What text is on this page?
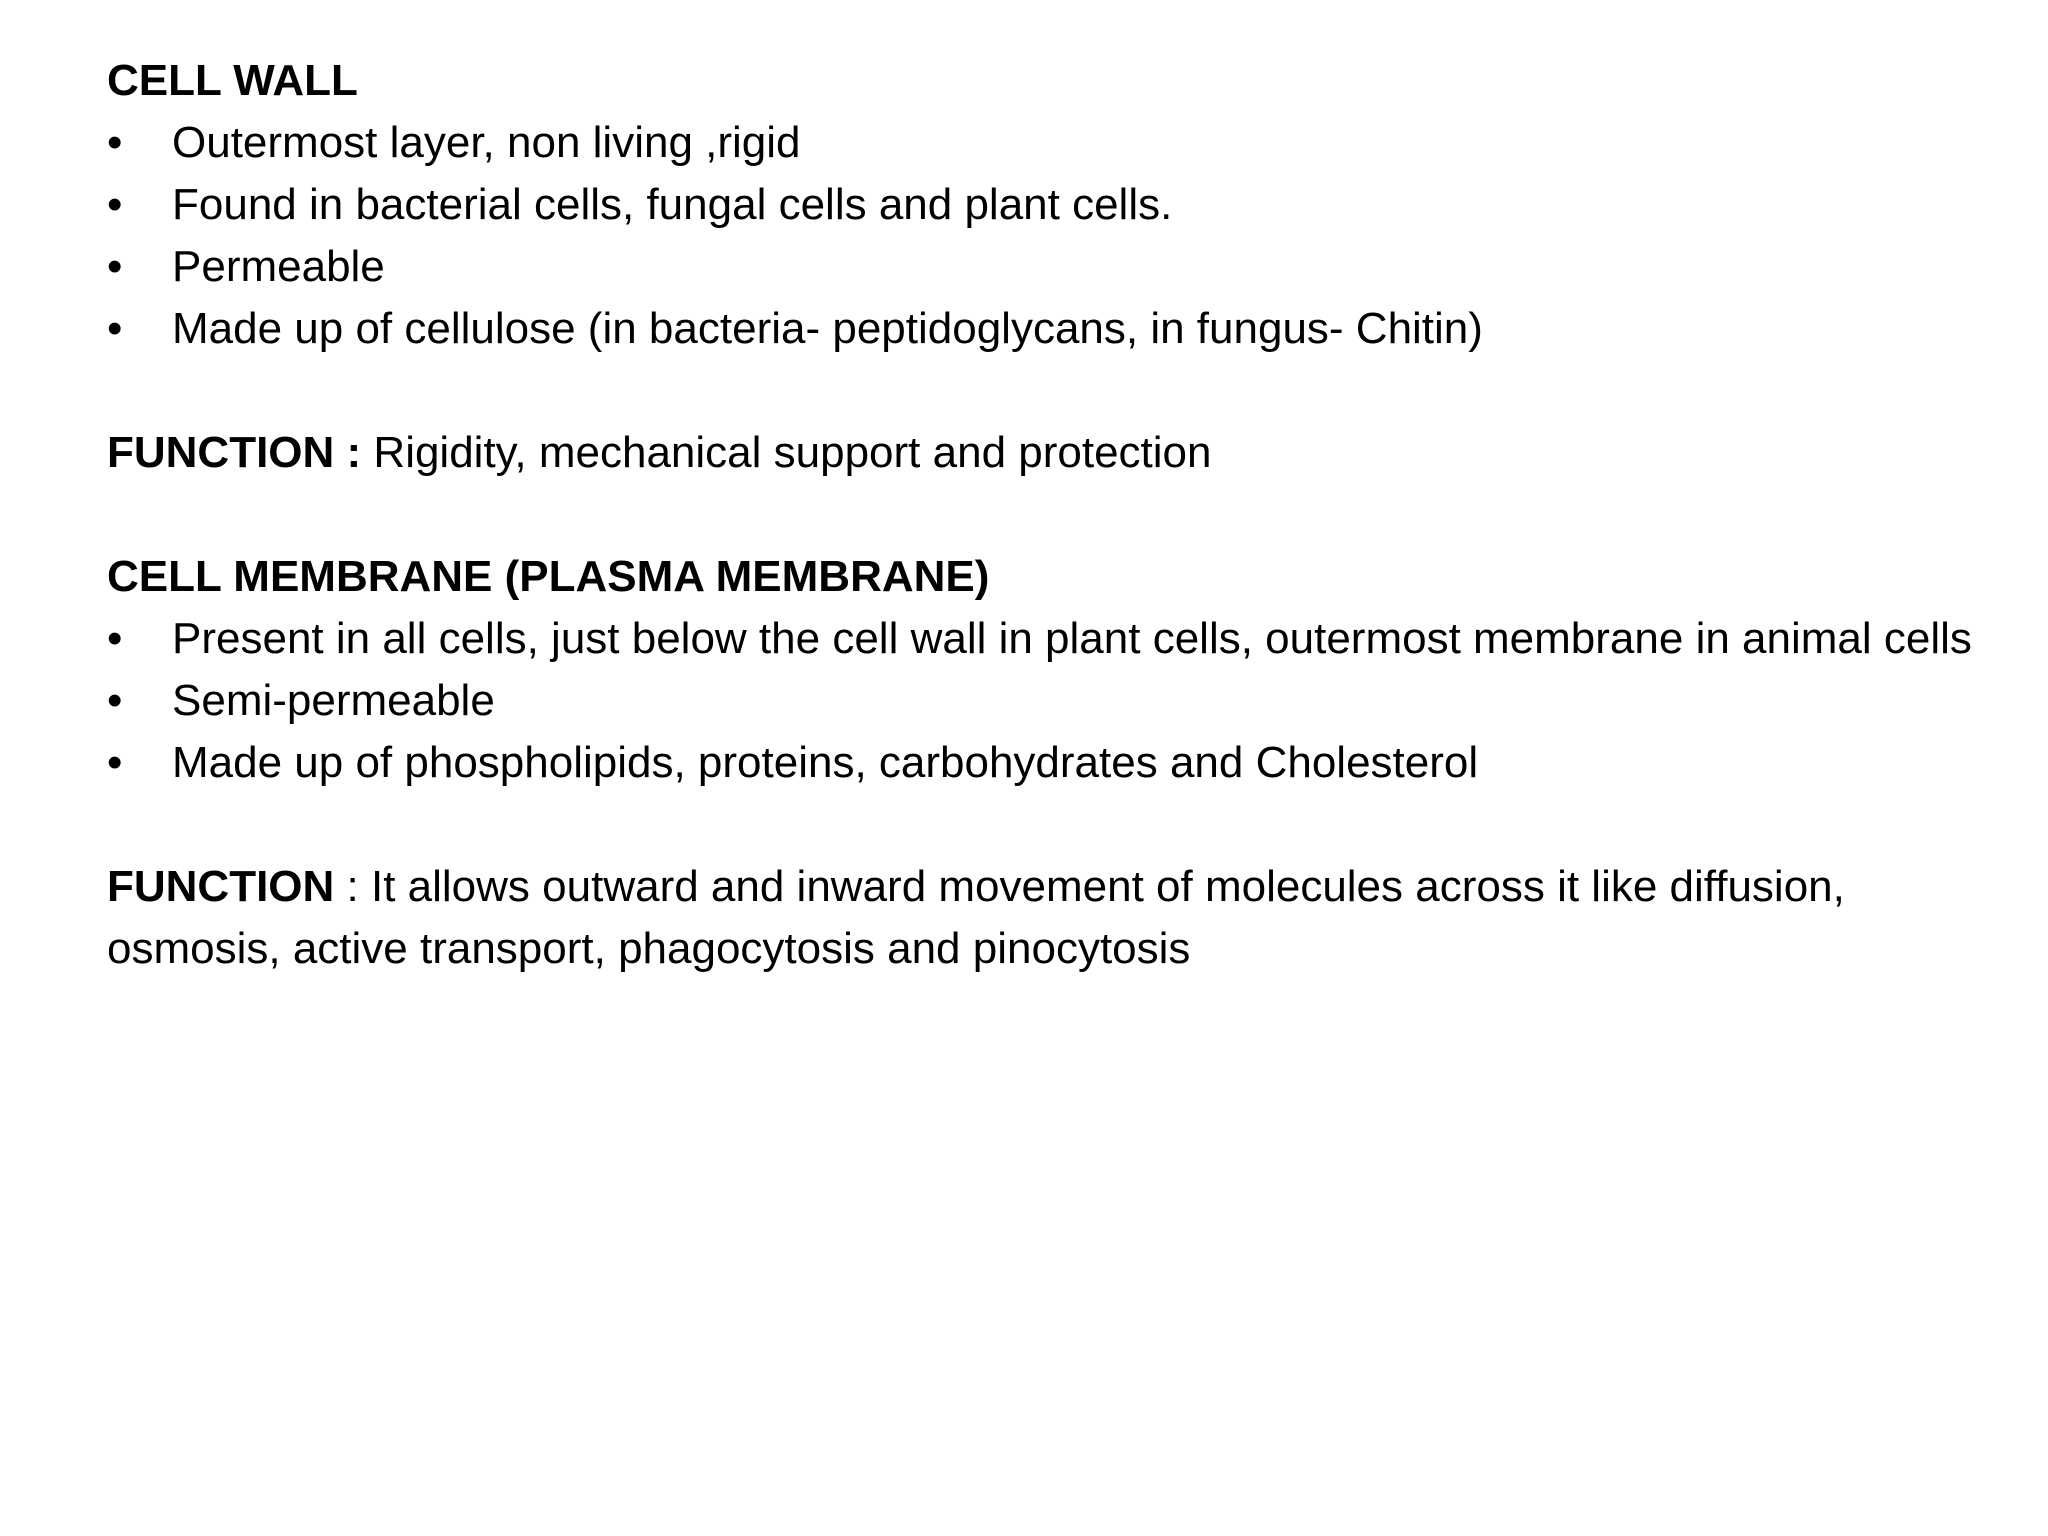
CELL WALL

•	Outermost layer, non living ,rigid
•	Found in bacterial cells, fungal cells and plant cells.
•	Permeable
•	Made up of cellulose (in bacteria- peptidoglycans, in fungus- Chitin)

FUNCTION : Rigidity, mechanical support and protection

CELL MEMBRANE (PLASMA MEMBRANE)

•	Present in all cells, just below the cell wall in plant cells, outermost membrane in animal cells
•	Semi-permeable
•	Made up of phospholipids, proteins, carbohydrates and Cholesterol

FUNCTION : It allows outward and inward movement of molecules across it like diffusion, osmosis, active transport, phagocytosis and pinocytosis
